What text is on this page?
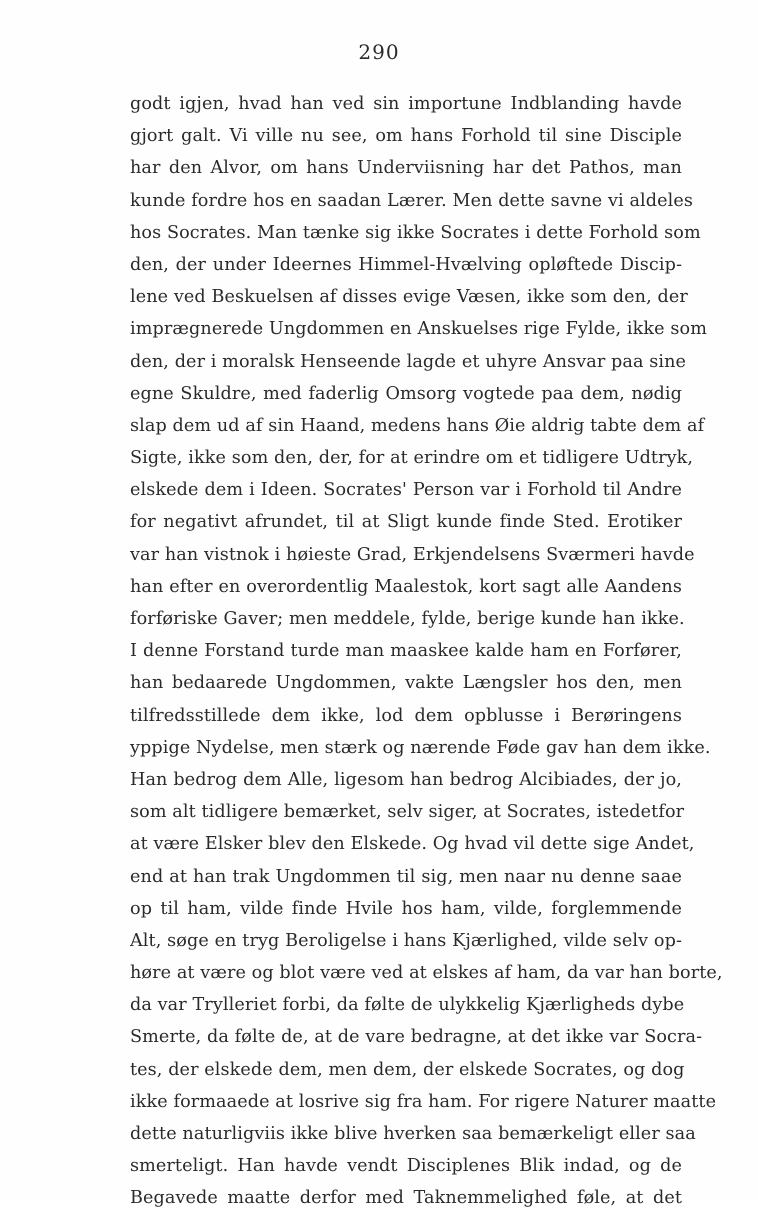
290
godt igjen, hvad han ved sin importune Indblanding havde
gjort galt. Vi ville nu see, om hans Forhold til sine Disciple
har den Alvor, om hans Underviisning har det Pathos, man
kunde fordre hos en saadan Lærer. Men dette savne vi aldeles
hos Socrates. Man tænke sig ikke Socrates i dette Forhold som
den, der under Ideernes Himmel-Hvælving opløftede Discip-
lene ved Beskuelsen af disses evige Væsen, ikke som den, der
imprægnerede Ungdommen en Anskuelses rige Fylde, ikke som
den, der i moralsk Henseende lagde et uhyre Ansvar paa sine
egne Skuldre, med faderlig Omsorg vogtede paa dem, nødig
slap dem ud af sin Haand, medens hans Øie aldrig tabte dem af
Sigte, ikke som den, der, for at erindre om et tidligere Udtryk,
elskede dem i Ideen. Socrates' Person var i Forhold til Andre
for negativt afrundet, til at Sligt kunde finde Sted. Erotiker
var han vistnok i høieste Grad, Erkjendelsens Sværmeri havde
han efter en overordentlig Maalestok, kort sagt alle Aandens
forføriske Gaver; men meddele, fylde, berige kunde han ikke.
I denne Forstand turde man maaskee kalde ham en Forfører,
han bedaarede Ungdommen, vakte Længsler hos den, men
tilfredsstillede dem ikke, lod dem opblusse i Berøringens
yppige Nydelse, men stærk og nærende Føde gav han dem ikke.
Han bedrog dem Alle, ligesom han bedrog Alcibiades, der jo,
som alt tidligere bemærket, selv siger, at Socrates, istedetfor
at være Elsker blev den Elskede. Og hvad vil dette sige Andet,
end at han trak Ungdommen til sig, men naar nu denne saae
op til ham, vilde finde Hvile hos ham, vilde, forglemmende
Alt, søge en tryg Beroligelse i hans Kjærlighed, vilde selv op-
høre at være og blot være ved at elskes af ham, da var han borte,
da var Trylleriet forbi, da følte de ulykkelig Kjærligheds dybe
Smerte, da følte de, at de vare bedragne, at det ikke var Socra-
tes, der elskede dem, men dem, der elskede Socrates, og dog
ikke formaaede at losrive sig fra ham. For rigere Naturer maatte
dette naturligviis ikke blive hverken saa bemærkeligt eller saa
smerteligt. Han havde vendt Disciplenes Blik indad, og de
Begavede maatte derfor med Taknemmelighed føle, at det
